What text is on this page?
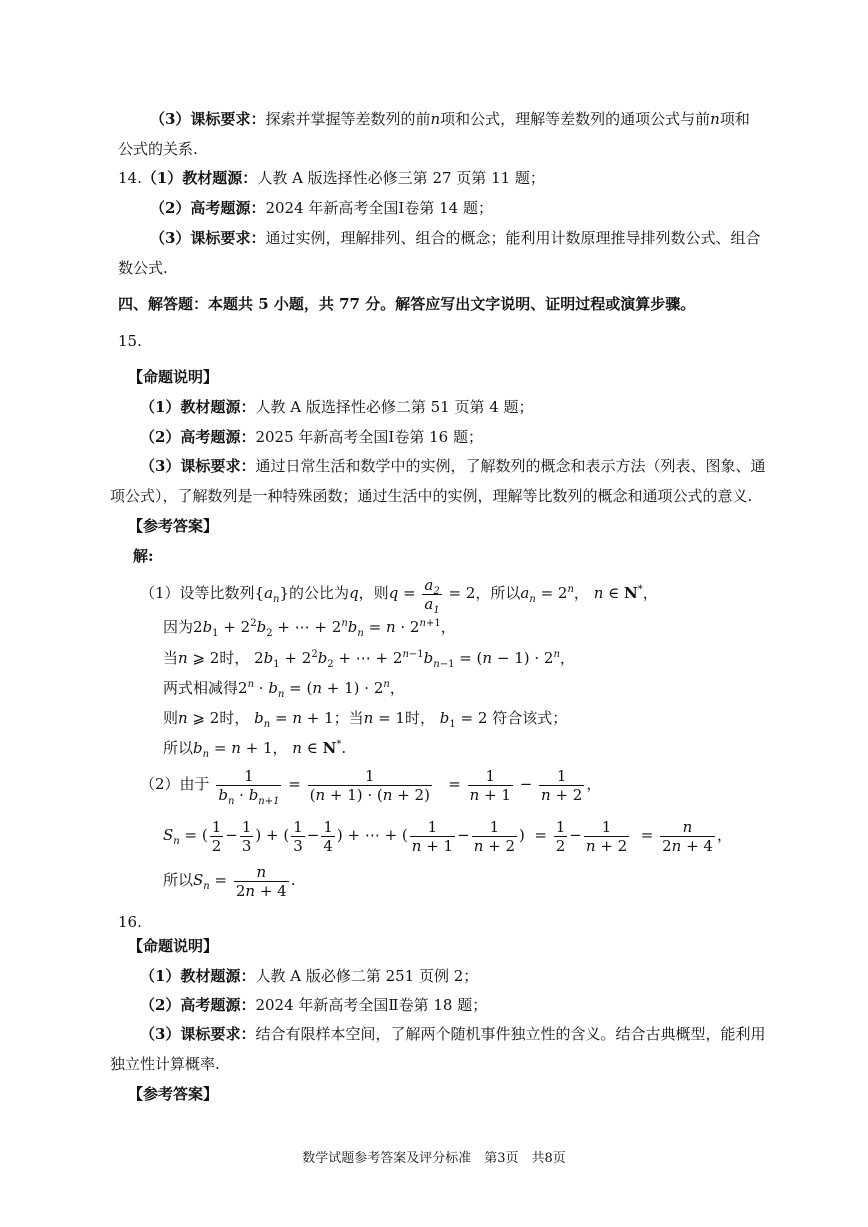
（3）课标要求：探索并掌握等差数列的前n项和公式，理解等差数列的通项公式与前n项和
公式的关系.
14.（1）教材题源：人教 A 版选择性必修三第 27 页第 11 题；
（2）高考题源：2024 年新高考全国Ⅰ卷第 14 题；
（3）课标要求：通过实例，理解排列、组合的概念；能利用计数原理推导排列数公式、组合
数公式.
四、解答题：本题共 5 小题，共 77 分。解答应写出文字说明、证明过程或演算步骤。
15.
【命题说明】
（1）教材题源：人教 A 版选择性必修二第 51 页第 4 题；
（2）高考题源：2025 年新高考全国Ⅰ卷第 16 题；
（3）课标要求：通过日常生活和数学中的实例，了解数列的概念和表示方法（列表、图象、通
项公式），了解数列是一种特殊函数；通过生活中的实例，理解等比数列的概念和通项公式的意义.
【参考答案】
解:
（1）设等比数列$\{a_n\}$的公比为q，则$q = \frac{a_2}{a_1} = 2$，所以$a_n = 2^n$， n ∈ N*，
因为$2b_1 + 2^2b_2$ + ⋯ + $2^nb_n = n \cdot 2^{n+1}$，
当n ⩾ 2时， $2b_1 + 2^2b_2$ + ⋯ + $2^{n-1}b_{n-1} = (n - 1) \cdot 2^n$，
两式相减得$2^n \cdot b_n = (n + 1) \cdot 2^n$，
则n ⩾ 2时， $b_n = n + 1$；当n = 1时， $b_1 = 2$ 符合该式；
所以$b_n = n + 1$， n ∈ N*.
（2）由于 $\frac{1}{b_n \cdot b_{n+1}} = \frac{1}{(n + 1) \cdot (n + 2)} = \frac{1}{n + 1} - \frac{1}{n + 2}$ ，
$S_n$ = ( $\frac{1}{2} - \frac{1}{3}$ ) + ( $\frac{1}{3} - \frac{1}{4}$ ) + ⋯ + ( $\frac{1}{n + 1} - \frac{1}{n + 2}$ )  = $\frac{1}{2} - \frac{1}{n + 2} = \frac{n}{2n + 4}$ ，
所以$S_n = \frac{n}{2n + 4}$ .
16.
【命题说明】
（1）教材题源：人教 A 版必修二第 251 页例 2；
（2）高考题源：2024 年新高考全国Ⅱ卷第 18 题；
（3）课标要求：结合有限样本空间，了解两个随机事件独立性的含义。结合古典概型，能利用
独立性计算概率.
【参考答案】
数学试题参考答案及评分标准　第3页　共8页
